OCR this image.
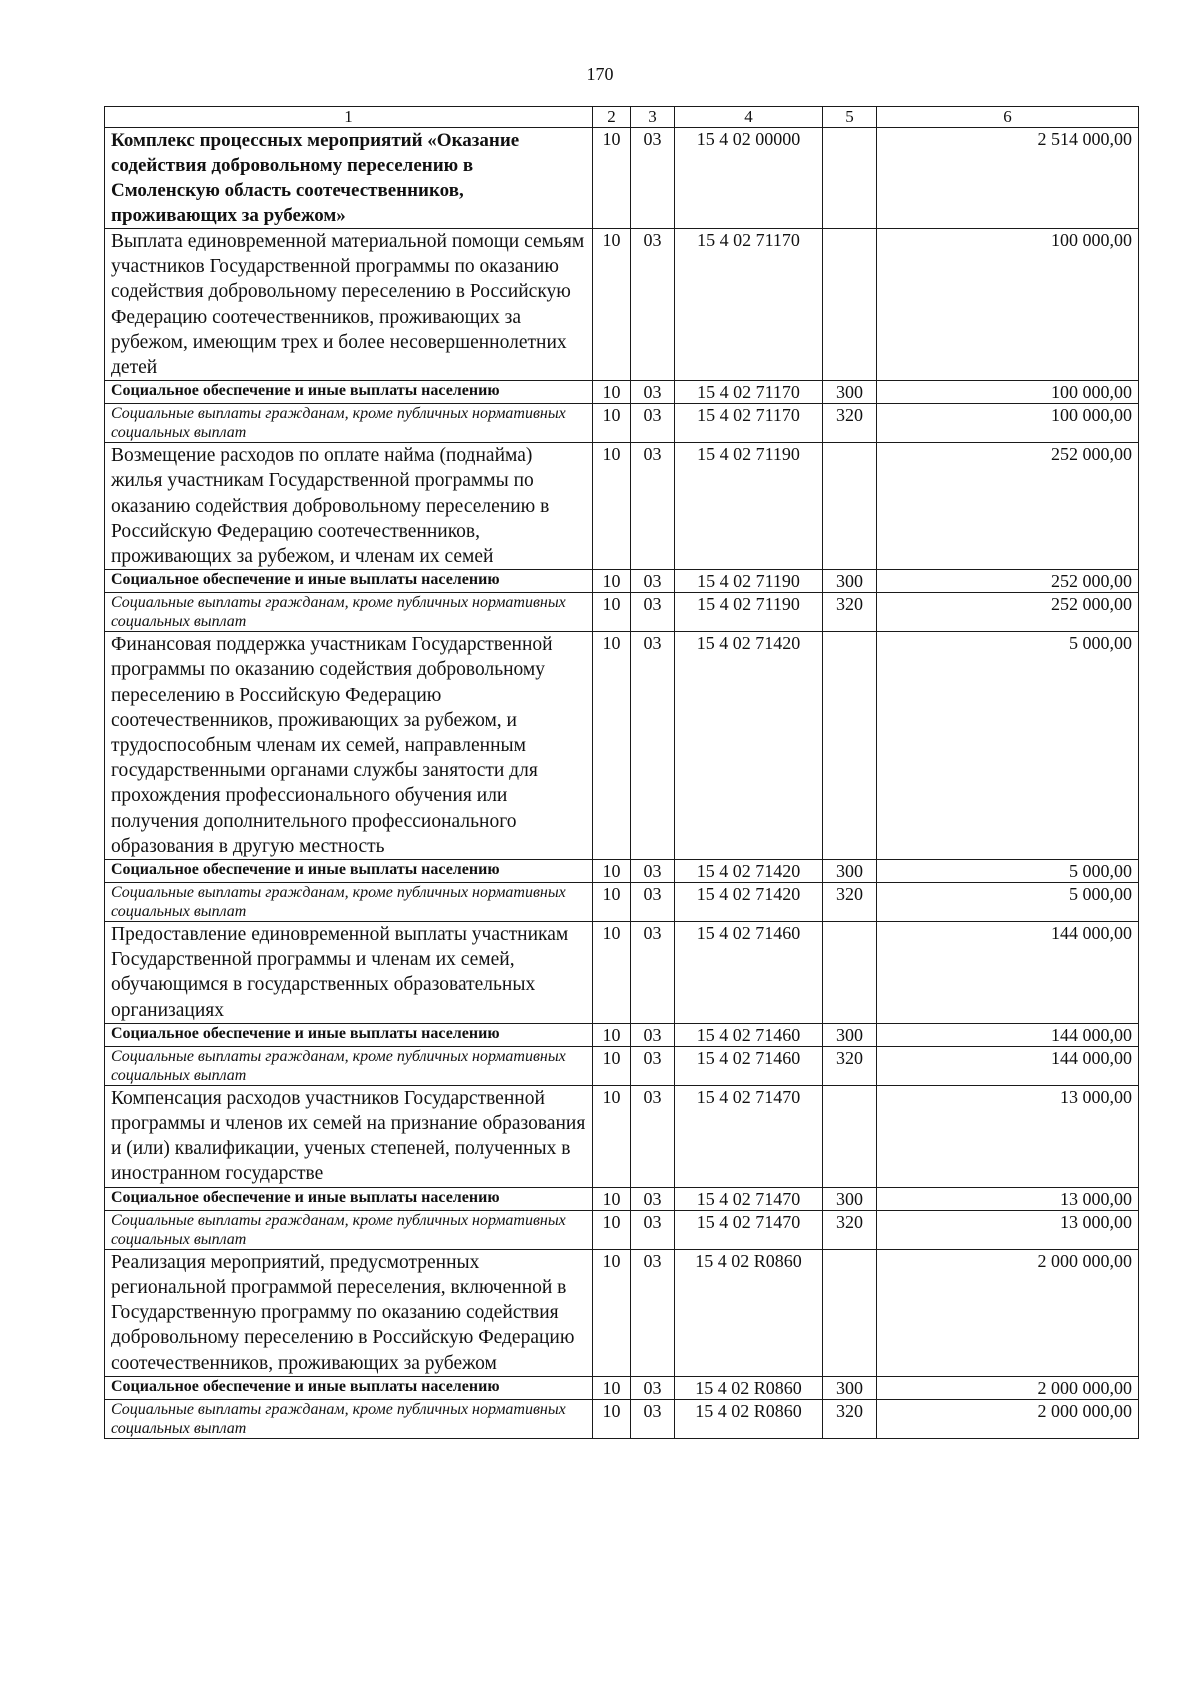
170
1	2	3	4	5	6
Комплекс процессных мероприятий «Оказание содействия добровольному переселению в Смоленскую область соотечественников, проживающих за рубежом»	10	03	15 4 02 00000		2 514 000,00
Выплата единовременной материальной помощи семьям участников Государственной программы по оказанию содействия добровольному переселению в Российскую Федерацию соотечественников, проживающих за рубежом, имеющим трех и более несовершеннолетних детей	10	03	15 4 02 71170		100 000,00
Социальное обеспечение и иные выплаты населению	10	03	15 4 02 71170	300	100 000,00
Социальные выплаты гражданам, кроме публичных нормативных социальных выплат	10	03	15 4 02 71170	320	100 000,00
Возмещение расходов по оплате найма (поднайма) жилья участникам Государственной программы по оказанию содействия добровольному переселению в Российскую Федерацию соотечественников, проживающих за рубежом, и членам их семей	10	03	15 4 02 71190		252 000,00
Социальное обеспечение и иные выплаты населению	10	03	15 4 02 71190	300	252 000,00
Социальные выплаты гражданам, кроме публичных нормативных социальных выплат	10	03	15 4 02 71190	320	252 000,00
Финансовая поддержка участникам Государственной программы по оказанию содействия добровольному переселению в Российскую Федерацию соотечественников, проживающих за рубежом, и трудоспособным членам их семей, направленным государственными органами службы занятости для прохождения профессионального обучения или получения дополнительного профессионального образования в другую местность	10	03	15 4 02 71420		5 000,00
Социальное обеспечение и иные выплаты населению	10	03	15 4 02 71420	300	5 000,00
Социальные выплаты гражданам, кроме публичных нормативных социальных выплат	10	03	15 4 02 71420	320	5 000,00
Предоставление единовременной выплаты участникам Государственной программы и членам их семей, обучающимся в государственных образовательных организациях	10	03	15 4 02 71460		144 000,00
Социальное обеспечение и иные выплаты населению	10	03	15 4 02 71460	300	144 000,00
Социальные выплаты гражданам, кроме публичных нормативных социальных выплат	10	03	15 4 02 71460	320	144 000,00
Компенсация расходов участников Государственной программы и членов их семей на признание образования и (или) квалификации, ученых степеней, полученных в иностранном государстве	10	03	15 4 02 71470		13 000,00
Социальное обеспечение и иные выплаты населению	10	03	15 4 02 71470	300	13 000,00
Социальные выплаты гражданам, кроме публичных нормативных социальных выплат	10	03	15 4 02 71470	320	13 000,00
Реализация мероприятий, предусмотренных региональной программой переселения, включенной в Государственную программу по оказанию содействия добровольному переселению в Российскую Федерацию соотечественников, проживающих за рубежом	10	03	15 4 02 R0860		2 000 000,00
Социальное обеспечение и иные выплаты населению	10	03	15 4 02 R0860	300	2 000 000,00
Социальные выплаты гражданам, кроме публичных нормативных социальных выплат	10	03	15 4 02 R0860	320	2 000 000,00
